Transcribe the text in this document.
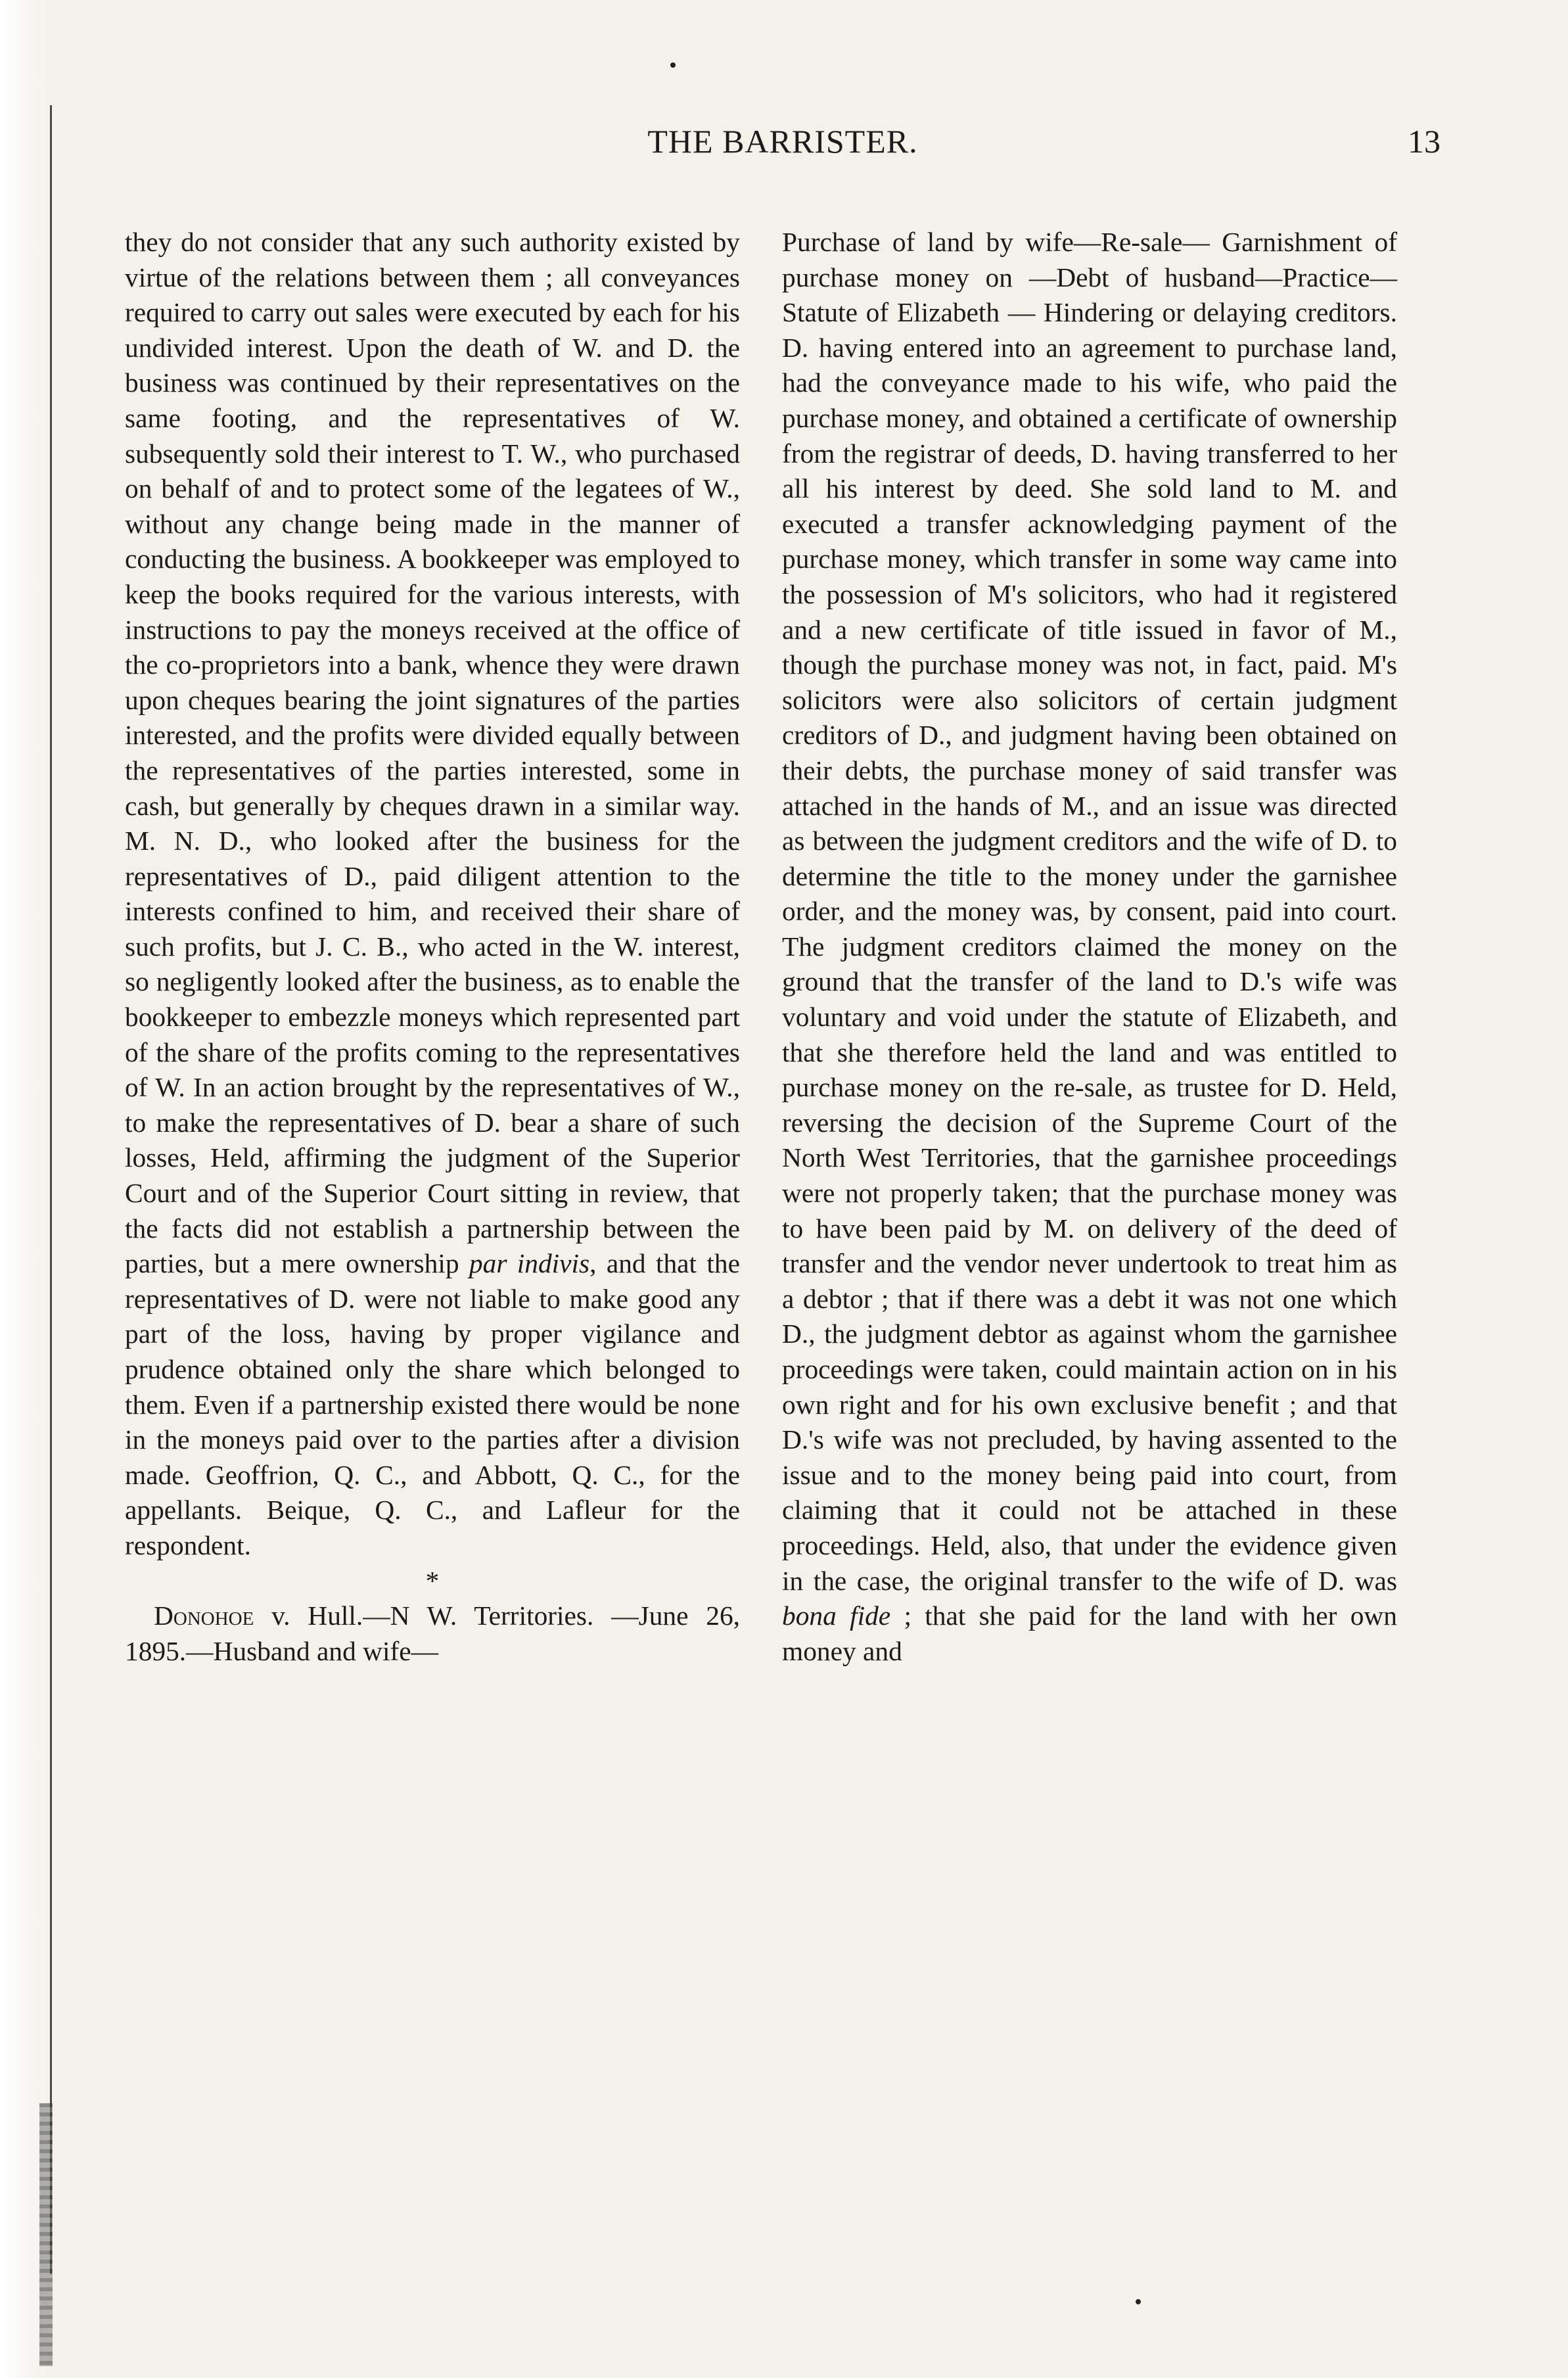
THE BARRISTER.	13

they do not consider that any such authority existed by virtue of the relations between them ; all conveyances required to carry out sales were executed by each for his undivided interest. Upon the death of W. and D. the business was continued by their representatives on the same footing, and the representatives of W. subsequently sold their interest to T. W., who purchased on behalf of and to protect some of the legatees of W., without any change being made in the manner of conducting the business. A bookkeeper was employed to keep the books required for the various interests, with instructions to pay the moneys received at the office of the co-proprietors into a bank, whence they were drawn upon cheques bearing the joint signatures of the parties interested, and the profits were divided equally between the representatives of the parties interested, some in cash, but generally by cheques drawn in a similar way. M. N. D., who looked after the business for the representatives of D., paid diligent attention to the interests confined to him, and received their share of such profits, but J. C. B., who acted in the W. interest, so negligently looked after the business, as to enable the bookkeeper to embezzle moneys which represented part of the share of the profits coming to the representatives of W. In an action brought by the representatives of W., to make the representatives of D. bear a share of such losses, Held, affirming the judgment of the Superior Court and of the Superior Court sitting in review, that the facts did not establish a partnership between the parties, but a mere ownership par indivis, and that the representatives of D. were not liable to make good any part of the loss, having by proper vigilance and prudence obtained only the share which belonged to them. Even if a partnership existed there would be none in the moneys paid over to the parties after a division made. Geoffrion, Q. C., and Abbott, Q. C., for the appellants. Beique, Q. C., and Lafleur for the respondent.

*

Donohoe v. Hull.—N W. Territories. —June 26, 1895.—Husband and wife—

Purchase of land by wife—Re-sale— Garnishment of purchase money on —Debt of husband—Practice—Statute of Elizabeth — Hindering or delaying creditors. D. having entered into an agreement to purchase land, had the conveyance made to his wife, who paid the purchase money, and obtained a certificate of ownership from the registrar of deeds, D. having transferred to her all his interest by deed. She sold land to M. and executed a transfer acknowledging payment of the purchase money, which transfer in some way came into the possession of M's solicitors, who had it registered and a new certificate of title issued in favor of M., though the purchase money was not, in fact, paid. M's solicitors were also solicitors of certain judgment creditors of D., and judgment having been obtained on their debts, the purchase money of said transfer was attached in the hands of M., and an issue was directed as between the judgment creditors and the wife of D. to determine the title to the money under the garnishee order, and the money was, by consent, paid into court. The judgment creditors claimed the money on the ground that the transfer of the land to D.'s wife was voluntary and void under the statute of Elizabeth, and that she therefore held the land and was entitled to purchase money on the re-sale, as trustee for D. Held, reversing the decision of the Supreme Court of the North West Territories, that the garnishee proceedings were not properly taken; that the purchase money was to have been paid by M. on delivery of the deed of transfer and the vendor never undertook to treat him as a debtor ; that if there was a debt it was not one which D., the judgment debtor as against whom the garnishee proceedings were taken, could maintain action on in his own right and for his own exclusive benefit ; and that D.'s wife was not precluded, by having assented to the issue and to the money being paid into court, from claiming that it could not be attached in these proceedings. Held, also, that under the evidence given in the case, the original transfer to the wife of D. was bona fide ; that she paid for the land with her own money and
